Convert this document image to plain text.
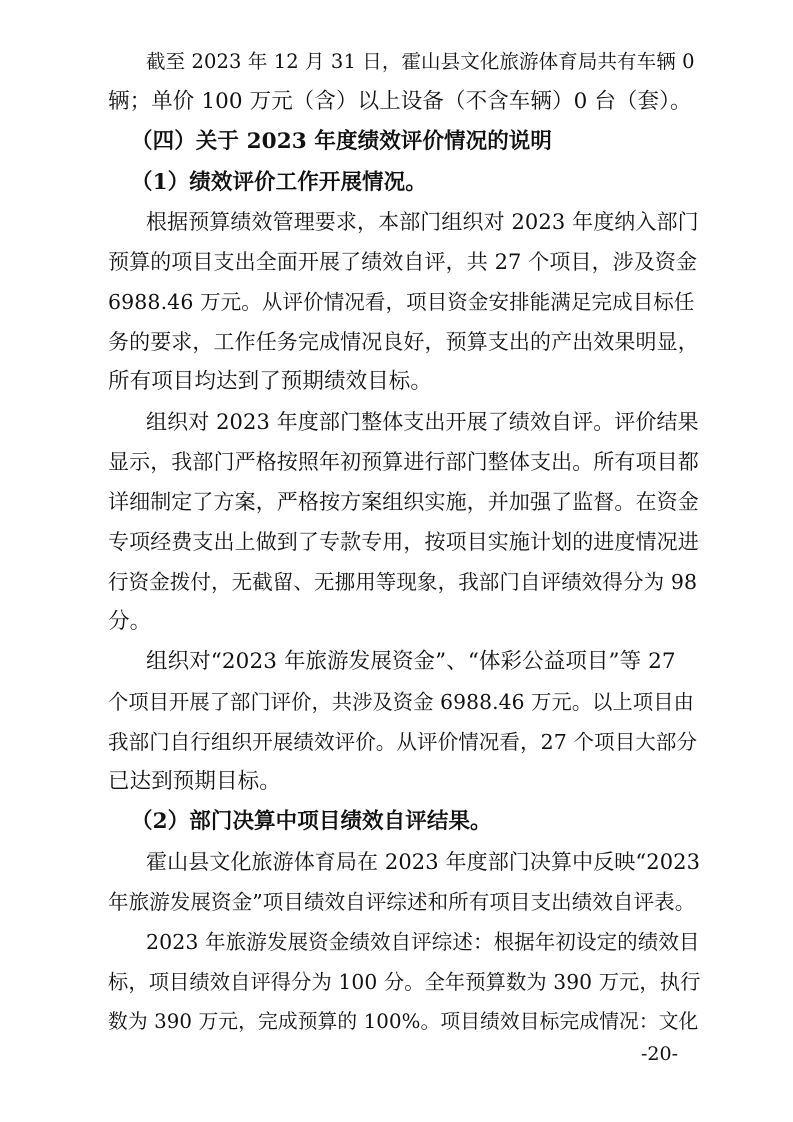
截至 2023 年 12 月 31 日，霍山县文化旅游体育局共有车辆 0

辆；单价 100 万元（含）以上设备（不含车辆）0 台（套）。

（四）关于 2023 年度绩效评价情况的说明

（1）绩效评价工作开展情况。

根据预算绩效管理要求，本部门组织对 2023 年度纳入部门

预算的项目支出全面开展了绩效自评，共 27 个项目，涉及资金

6988.46 万元。从评价情况看，项目资金安排能满足完成目标任

务的要求，工作任务完成情况良好，预算支出的产出效果明显，

所有项目均达到了预期绩效目标。

组织对 2023 年度部门整体支出开展了绩效自评。评价结果

显示，我部门严格按照年初预算进行部门整体支出。所有项目都

详细制定了方案，严格按方案组织实施，并加强了监督。在资金

专项经费支出上做到了专款专用，按项目实施计划的进度情况进

行资金拨付，无截留、无挪用等现象，我部门自评绩效得分为 98

分。

组织对“2023 年旅游发展资金”、“体彩公益项目”等 27

个项目开展了部门评价，共涉及资金 6988.46 万元。以上项目由

我部门自行组织开展绩效评价。从评价情况看，27 个项目大部分

已达到预期目标。

（2）部门决算中项目绩效自评结果。

霍山县文化旅游体育局在 2023 年度部门决算中反映“2023

年旅游发展资金”项目绩效自评综述和所有项目支出绩效自评表。

2023 年旅游发展资金绩效自评综述：根据年初设定的绩效目

标，项目绩效自评得分为 100 分。全年预算数为 390 万元，执行

数为 390 万元，完成预算的 100%。项目绩效目标完成情况：文化

-20-
